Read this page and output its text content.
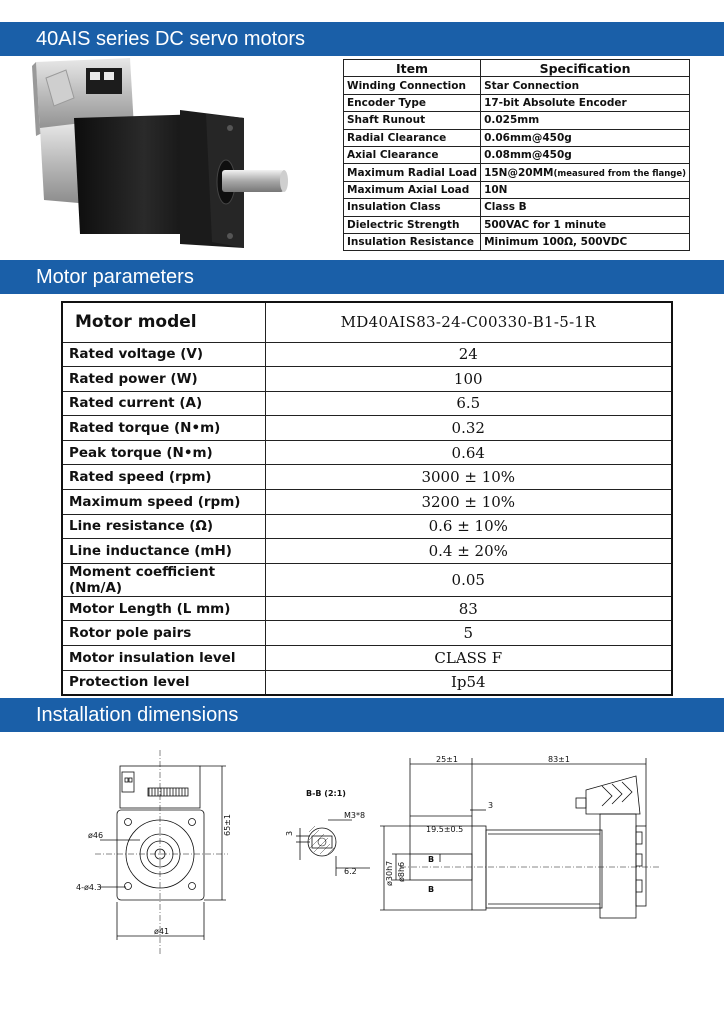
40AIS series DC servo motors
Motor parameters
Installation dimensions
Item	Specification
Winding Connection	Star Connection
Encoder Type	17-bit Absolute Encoder
Shaft Runout	0.025mm
Radial Clearance	0.06mm@450g
Axial Clearance	0.08mm@450g
Maximum Radial Load	15N@20MM(measured from the flange)
Maximum Axial Load	10N
Insulation Class	Class B
Dielectric Strength	500VAC for 1 minute
Insulation Resistance	Minimum 100Ω, 500VDC
Motor model	MD40AIS83-24-C00330-B1-5-1R
Rated voltage (V)	24
Rated power (W)	100
Rated current (A)	6.5
Rated torque (N•m)	0.32
Peak torque (N•m)	0.64
Rated speed (rpm)	3000 ± 10%
Maximum speed (rpm)	3200 ± 10%
Line resistance (Ω)	0.6 ± 10%
Line inductance (mH)	0.4 ± 20%
Moment coefficient (Nm/A)	0.05
Motor Length (L mm)	83
Rotor pole pairs	5
Motor insulation level	CLASS F
Protection level	Ip54
ø46
4-ø4.3
ø41
65±1
B-B (2:1)
M3*8
3
6.2
25±1	83±1
3
19.5±0.5
B
B
ø8h6
ø30h7
